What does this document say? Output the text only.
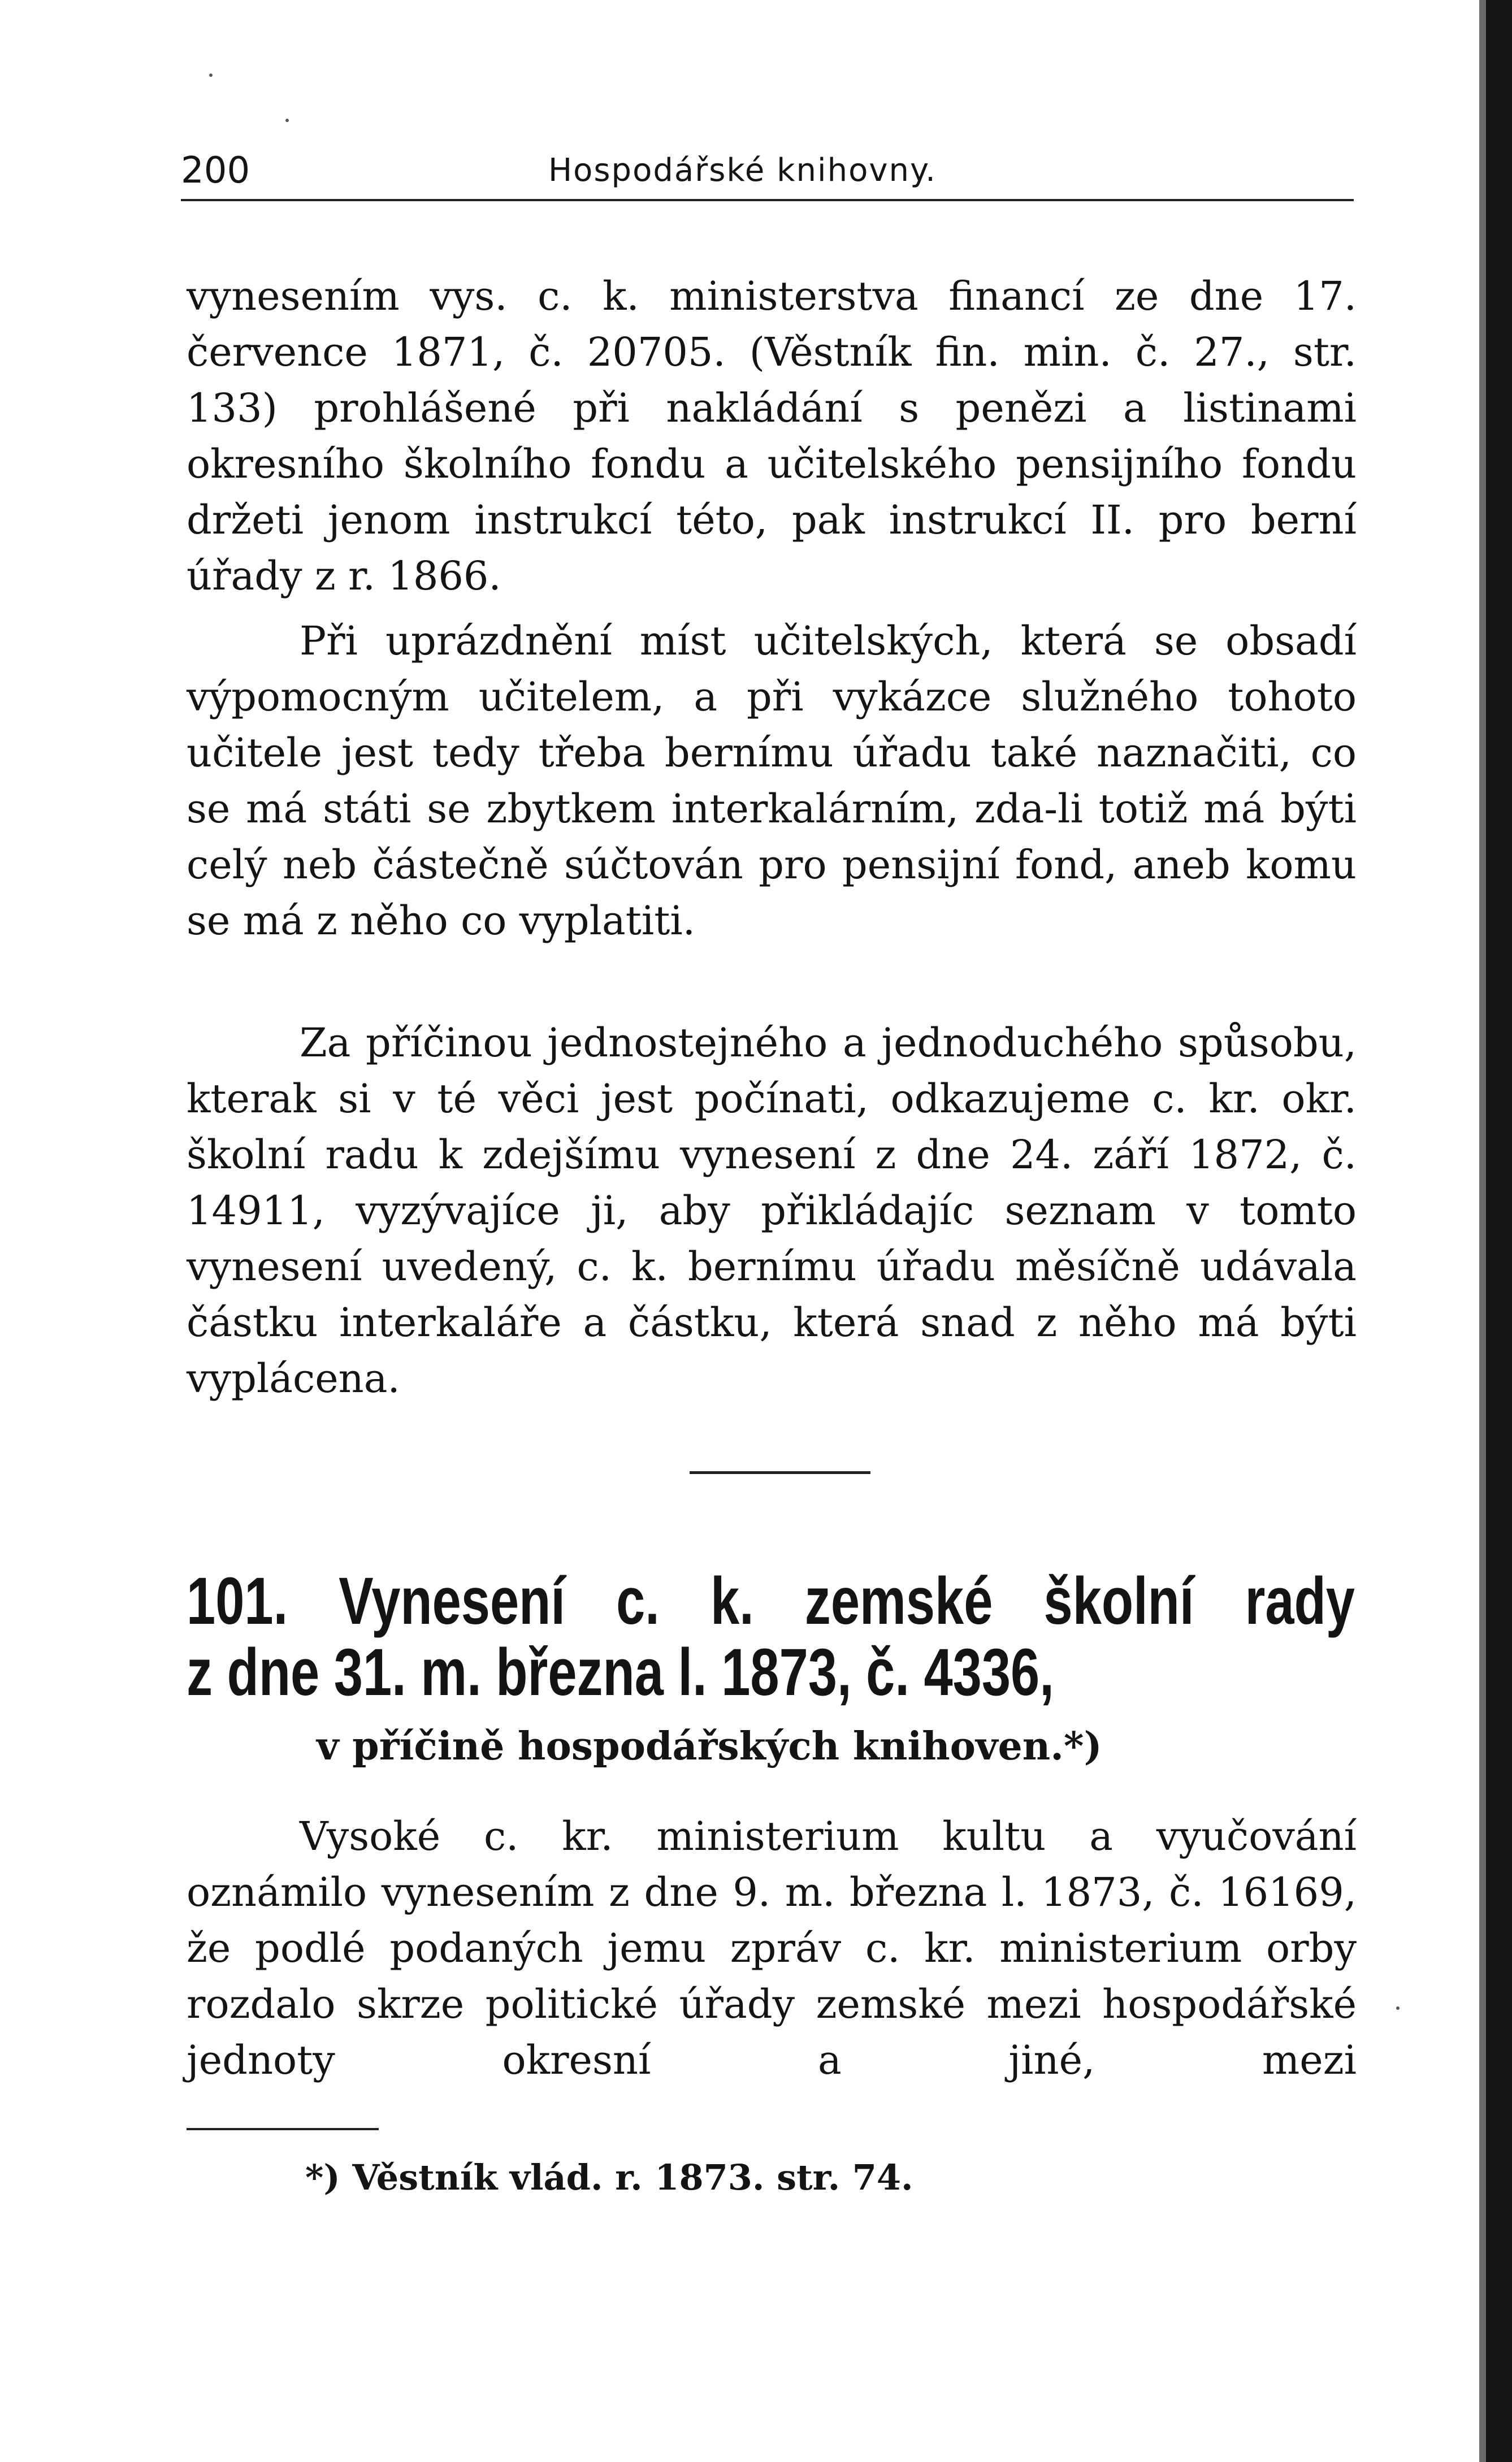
200	Hospodářské knihovny.
vynesením vys. c. k. ministerstva financí ze dne 17. července 1871, č. 20705. (Věstník fin. min. č. 27., str. 133) prohlášené při nakládání s penězi a listinami okresního školního fondu a učitelského pensijního fondu držeti jenom instrukcí této, pak instrukcí II. pro berní úřady z r. 1866.
Při uprázdnění míst učitelských, která se obsadí výpomocným učitelem, a při vykázce služného tohoto učitele jest tedy třeba bernímu úřadu také naznačiti, co se má státi se zbytkem interkalárním, zda-li totiž má býti celý neb částečně súčtován pro pensijní fond, aneb komu se má z něho co vyplatiti.
Za příčinou jednostejného a jednoduchého spůsobu, kterak si v té věci jest počínati, odkazujeme c. kr. okr. školní radu k zdejšímu vynesení z dne 24. září 1872, č. 14911, vyzývajíce ji, aby přikládajíc seznam v tomto vynesení uvedený, c. k. bernímu úřadu měsíčně udávala částku interkaláře a částku, která snad z něho má býti vyplácena.
101. Vynesení c. k. zemské školní rady
z dne 31. m. března l. 1873, č. 4336,
v příčině hospodářských knihoven.*)
Vysoké c. kr. ministerium kultu a vyučování oznámilo vynesením z dne 9. m. března l. 1873, č. 16169, že podlé podaných jemu zpráv c. kr. ministerium orby rozdalo skrze politické úřady zemské mezi hospodářské jednoty okresní a jiné, mezi
*) Věstník vlád. r. 1873. str. 74.
